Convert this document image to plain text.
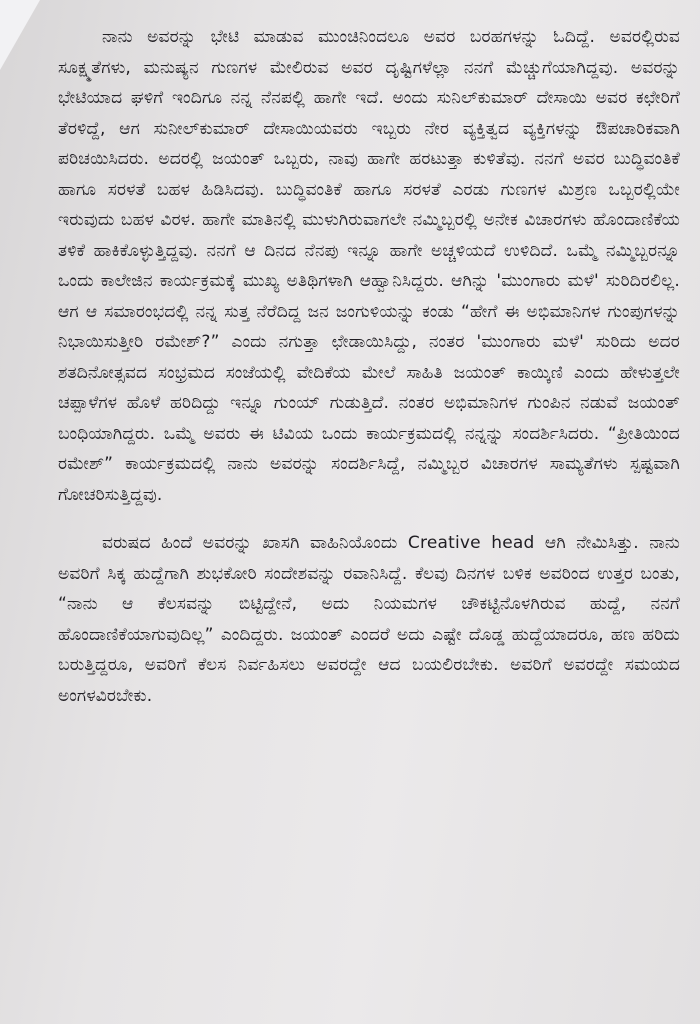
ನಾನು ಅವರನ್ನು ಭೇಟಿ ಮಾಡುವ ಮುಂಚಿನಿಂದಲೂ ಅವರ ಬರಹಗಳನ್ನು ಓದಿದ್ದೆ. ಅವರಲ್ಲಿರುವ ಸೂಕ್ಷ್ಮತೆಗಳು, ಮನುಷ್ಯನ ಗುಣಗಳ ಮೇಲಿರುವ ಅವರ ದೃಷ್ಟಿಗಳೆಲ್ಲಾ ನನಗೆ ಮೆಚ್ಚುಗೆಯಾಗಿದ್ದವು. ಅವರನ್ನು ಭೇಟಿಯಾದ ಘಳಿಗೆ ಇಂದಿಗೂ ನನ್ನ ನೆನಪಲ್ಲಿ ಹಾಗೇ ಇದೆ. ಅಂದು ಸುನಿಲ್‌ಕುಮಾರ್ ದೇಸಾಯಿ ಅವರ ಕಛೇರಿಗೆ ತೆರಳಿದ್ದೆ, ಆಗ ಸುನೀಲ್‌ಕುಮಾರ್ ದೇಸಾಯಿಯವರು ಇಬ್ಬರು ನೇರ ವ್ಯಕ್ತಿತ್ವದ ವ್ಯಕ್ತಿಗಳನ್ನು ಔಪಚಾರಿಕವಾಗಿ ಪರಿಚಯಿಸಿದರು. ಅದರಲ್ಲಿ ಜಯಂತ್ ಒಬ್ಬರು, ನಾವು ಹಾಗೇ ಹರಟುತ್ತಾ ಕುಳಿತೆವು. ನನಗೆ ಅವರ ಬುದ್ಧಿವಂತಿಕೆ ಹಾಗೂ ಸರಳತೆ ಬಹಳ ಹಿಡಿಸಿದವು. ಬುದ್ಧಿವಂತಿಕೆ ಹಾಗೂ ಸರಳತೆ ಎರಡು ಗುಣಗಳ ಮಿಶ್ರಣ ಒಬ್ಬರಲ್ಲಿಯೇ ಇರುವುದು ಬಹಳ ವಿರಳ. ಹಾಗೇ ಮಾತಿನಲ್ಲಿ ಮುಳುಗಿರುವಾಗಲೇ ನಮ್ಮಿಬ್ಬರಲ್ಲಿ ಅನೇಕ ವಿಚಾರಗಳು ಹೊಂದಾಣಿಕೆಯ ತಳಿಕೆ ಹಾಕಿಕೊಳ್ಳುತ್ತಿದ್ದವು. ನನಗೆ ಆ ದಿನದ ನೆನಪು ಇನ್ನೂ ಹಾಗೇ ಅಚ್ಚಳಿಯದೆ ಉಳಿದಿದೆ. ಒಮ್ಮೆ ನಮ್ಮಿಬ್ಬರನ್ನೂ ಒಂದು ಕಾಲೇಜಿನ ಕಾರ್ಯಕ್ರಮಕ್ಕೆ ಮುಖ್ಯ ಅತಿಥಿಗಳಾಗಿ ಆಹ್ವಾನಿಸಿದ್ದರು. ಆಗಿನ್ನು 'ಮುಂಗಾರು ಮಳೆ' ಸುರಿದಿರಲಿಲ್ಲ. ಆಗ ಆ ಸಮಾರಂಭದಲ್ಲಿ ನನ್ನ ಸುತ್ತ ನೆರೆದಿದ್ದ ಜನ ಜಂಗುಳಿಯನ್ನು ಕಂಡು “ಹೇಗೆ ಈ ಅಭಿಮಾನಿಗಳ ಗುಂಪುಗಳನ್ನು ನಿಭಾಯಿಸುತ್ತೀರಿ ರಮೇಶ್?” ಎಂದು ನಗುತ್ತಾ ಛೇಡಾಯಿಸಿದ್ದು, ನಂತರ 'ಮುಂಗಾರು ಮಳೆ' ಸುರಿದು ಅದರ ಶತದಿನೋತ್ಸವದ ಸಂಭ್ರಮದ ಸಂಜೆಯಲ್ಲಿ ವೇದಿಕೆಯ ಮೇಲೆ ಸಾಹಿತಿ ಜಯಂತ್ ಕಾಯ್ಕಿಣಿ ಎಂದು ಹೇಳುತ್ತಲೇ ಚಪ್ಪಾಳೆಗಳ ಹೊಳೆ ಹರಿದಿದ್ದು ಇನ್ನೂ ಗುಂಯ್ ಗುಡುತ್ತಿದೆ. ನಂತರ ಅಭಿಮಾನಿಗಳ ಗುಂಪಿನ ನಡುವೆ ಜಯಂತ್ ಬಂಧಿಯಾಗಿದ್ದರು. ಒಮ್ಮೆ ಅವರು ಈ ಟಿವಿಯ ಒಂದು ಕಾರ್ಯಕ್ರಮದಲ್ಲಿ ನನ್ನನ್ನು ಸಂದರ್ಶಿಸಿದರು. “ಪ್ರೀತಿಯಿಂದ ರಮೇಶ್” ಕಾರ್ಯಕ್ರಮದಲ್ಲಿ ನಾನು ಅವರನ್ನು ಸಂದರ್ಶಿಸಿದ್ದೆ, ನಮ್ಮಿಬ್ಬರ ವಿಚಾರಗಳ ಸಾಮ್ಯತೆಗಳು ಸ್ಪಷ್ಟವಾಗಿ ಗೋಚರಿಸುತ್ತಿದ್ದವು.

ವರುಷದ ಹಿಂದೆ ಅವರನ್ನು ಖಾಸಗಿ ವಾಹಿನಿಯೊಂದು Creative head ಆಗಿ ನೇಮಿಸಿತ್ತು. ನಾನು ಅವರಿಗೆ ಸಿಕ್ಕ ಹುದ್ದೆಗಾಗಿ ಶುಭಕೋರಿ ಸಂದೇಶವನ್ನು ರವಾನಿಸಿದ್ದೆ. ಕೆಲವು ದಿನಗಳ ಬಳಿಕ ಅವರಿಂದ ಉತ್ತರ ಬಂತು, “ನಾನು ಆ ಕೆಲಸವನ್ನು ಬಿಟ್ಟಿದ್ದೇನೆ, ಅದು ನಿಯಮಗಳ ಚೌಕಟ್ಟಿನೊಳಗಿರುವ ಹುದ್ದೆ, ನನಗೆ ಹೊಂದಾಣಿಕೆಯಾಗುವುದಿಲ್ಲ” ಎಂದಿದ್ದರು. ಜಯಂತ್ ಎಂದರೆ ಅದು ಎಷ್ಟೇ ದೊಡ್ಡ ಹುದ್ದೆಯಾದರೂ, ಹಣ ಹರಿದು ಬರುತ್ತಿದ್ದರೂ, ಅವರಿಗೆ ಕೆಲಸ ನಿರ್ವಹಿಸಲು ಅವರದ್ದೇ ಆದ ಬಯಲಿರಬೇಕು. ಅವರಿಗೆ ಅವರದ್ದೇ ಸಮಯದ ಅಂಗಳವಿರಬೇಕು.
